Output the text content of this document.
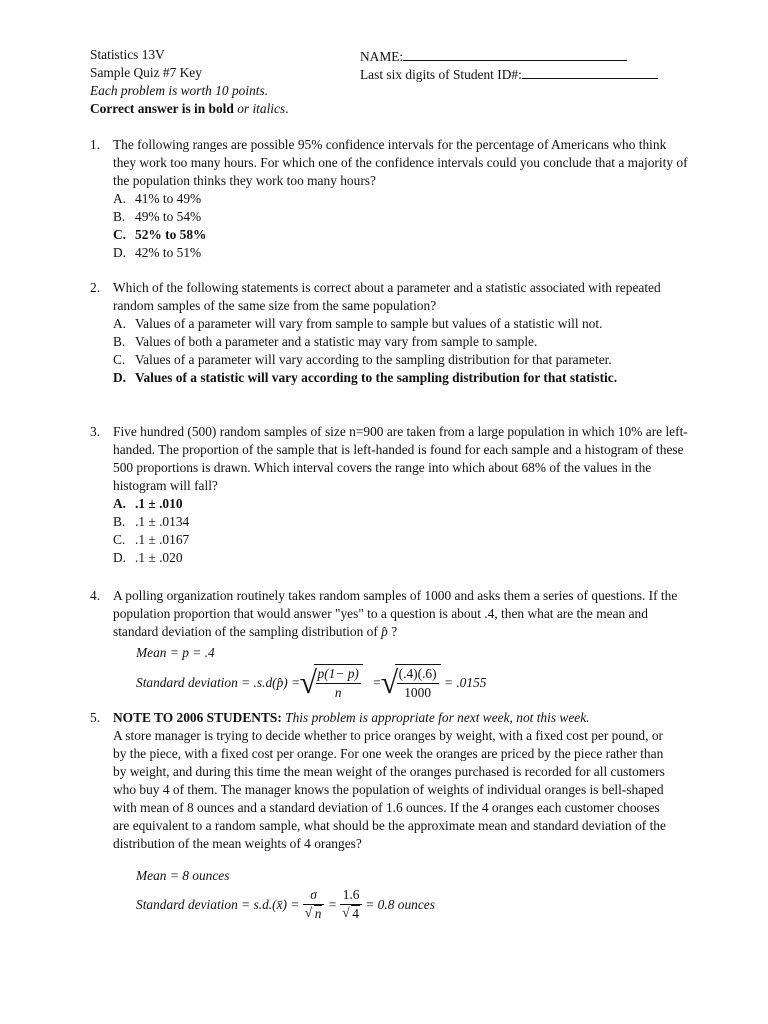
Statistics 13V
Sample Quiz #7 Key
Each problem is worth 10 points.
Correct answer is in bold or italics.
NAME:
Last six digits of Student ID#:
1. The following ranges are possible 95% confidence intervals for the percentage of Americans who think they work too many hours. For which one of the confidence intervals could you conclude that a majority of the population thinks they work too many hours?
A. 41% to 49%
B. 49% to 54%
C. 52% to 58%
D. 42% to 51%
2. Which of the following statements is correct about a parameter and a statistic associated with repeated random samples of the same size from the same population?
A. Values of a parameter will vary from sample to sample but values of a statistic will not.
B. Values of both a parameter and a statistic may vary from sample to sample.
C. Values of a parameter will vary according to the sampling distribution for that parameter.
D. Values of a statistic will vary according to the sampling distribution for that statistic.
3. Five hundred (500) random samples of size n=900 are taken from a large population in which 10% are left-handed. The proportion of the sample that is left-handed is found for each sample and a histogram of these 500 proportions is drawn. Which interval covers the range into which about 68% of the values in the histogram will fall?
A. .1 ± .010
B. .1 ± .0134
C. .1 ± .0167
D. .1 ± .020
4. A polling organization routinely takes random samples of 1000 and asks them a series of questions. If the population proportion that would answer "yes" to a question is about .4, then what are the mean and standard deviation of the sampling distribution of p̂ ?
Mean = p = .4
Standard deviation = .s.d(p̂) = √ $\frac{p(1- p)}{n}$ = √ $\frac{(.4)(.6)}{1000} = .0155$
5. NOTE TO 2006 STUDENTS: This problem is appropriate for next week, not this week.
A store manager is trying to decide whether to price oranges by weight, with a fixed cost per pound, or by the piece, with a fixed cost per orange. For one week the oranges are priced by the piece rather than by weight, and during this time the mean weight of the oranges purchased is recorded for all customers who buy 4 of them. The manager knows the population of weights of individual oranges is bell-shaped with mean of 8 ounces and a standard deviation of 1.6 ounces. If the 4 oranges each customer chooses are equivalent to a random sample, what should be the approximate mean and standard deviation of the distribution of the mean weights of 4 oranges?
Mean = 8 ounces
Standard deviation = s.d.(x̄) = σ
√ n = 1.6
√ 4 = 0.8 ounces
